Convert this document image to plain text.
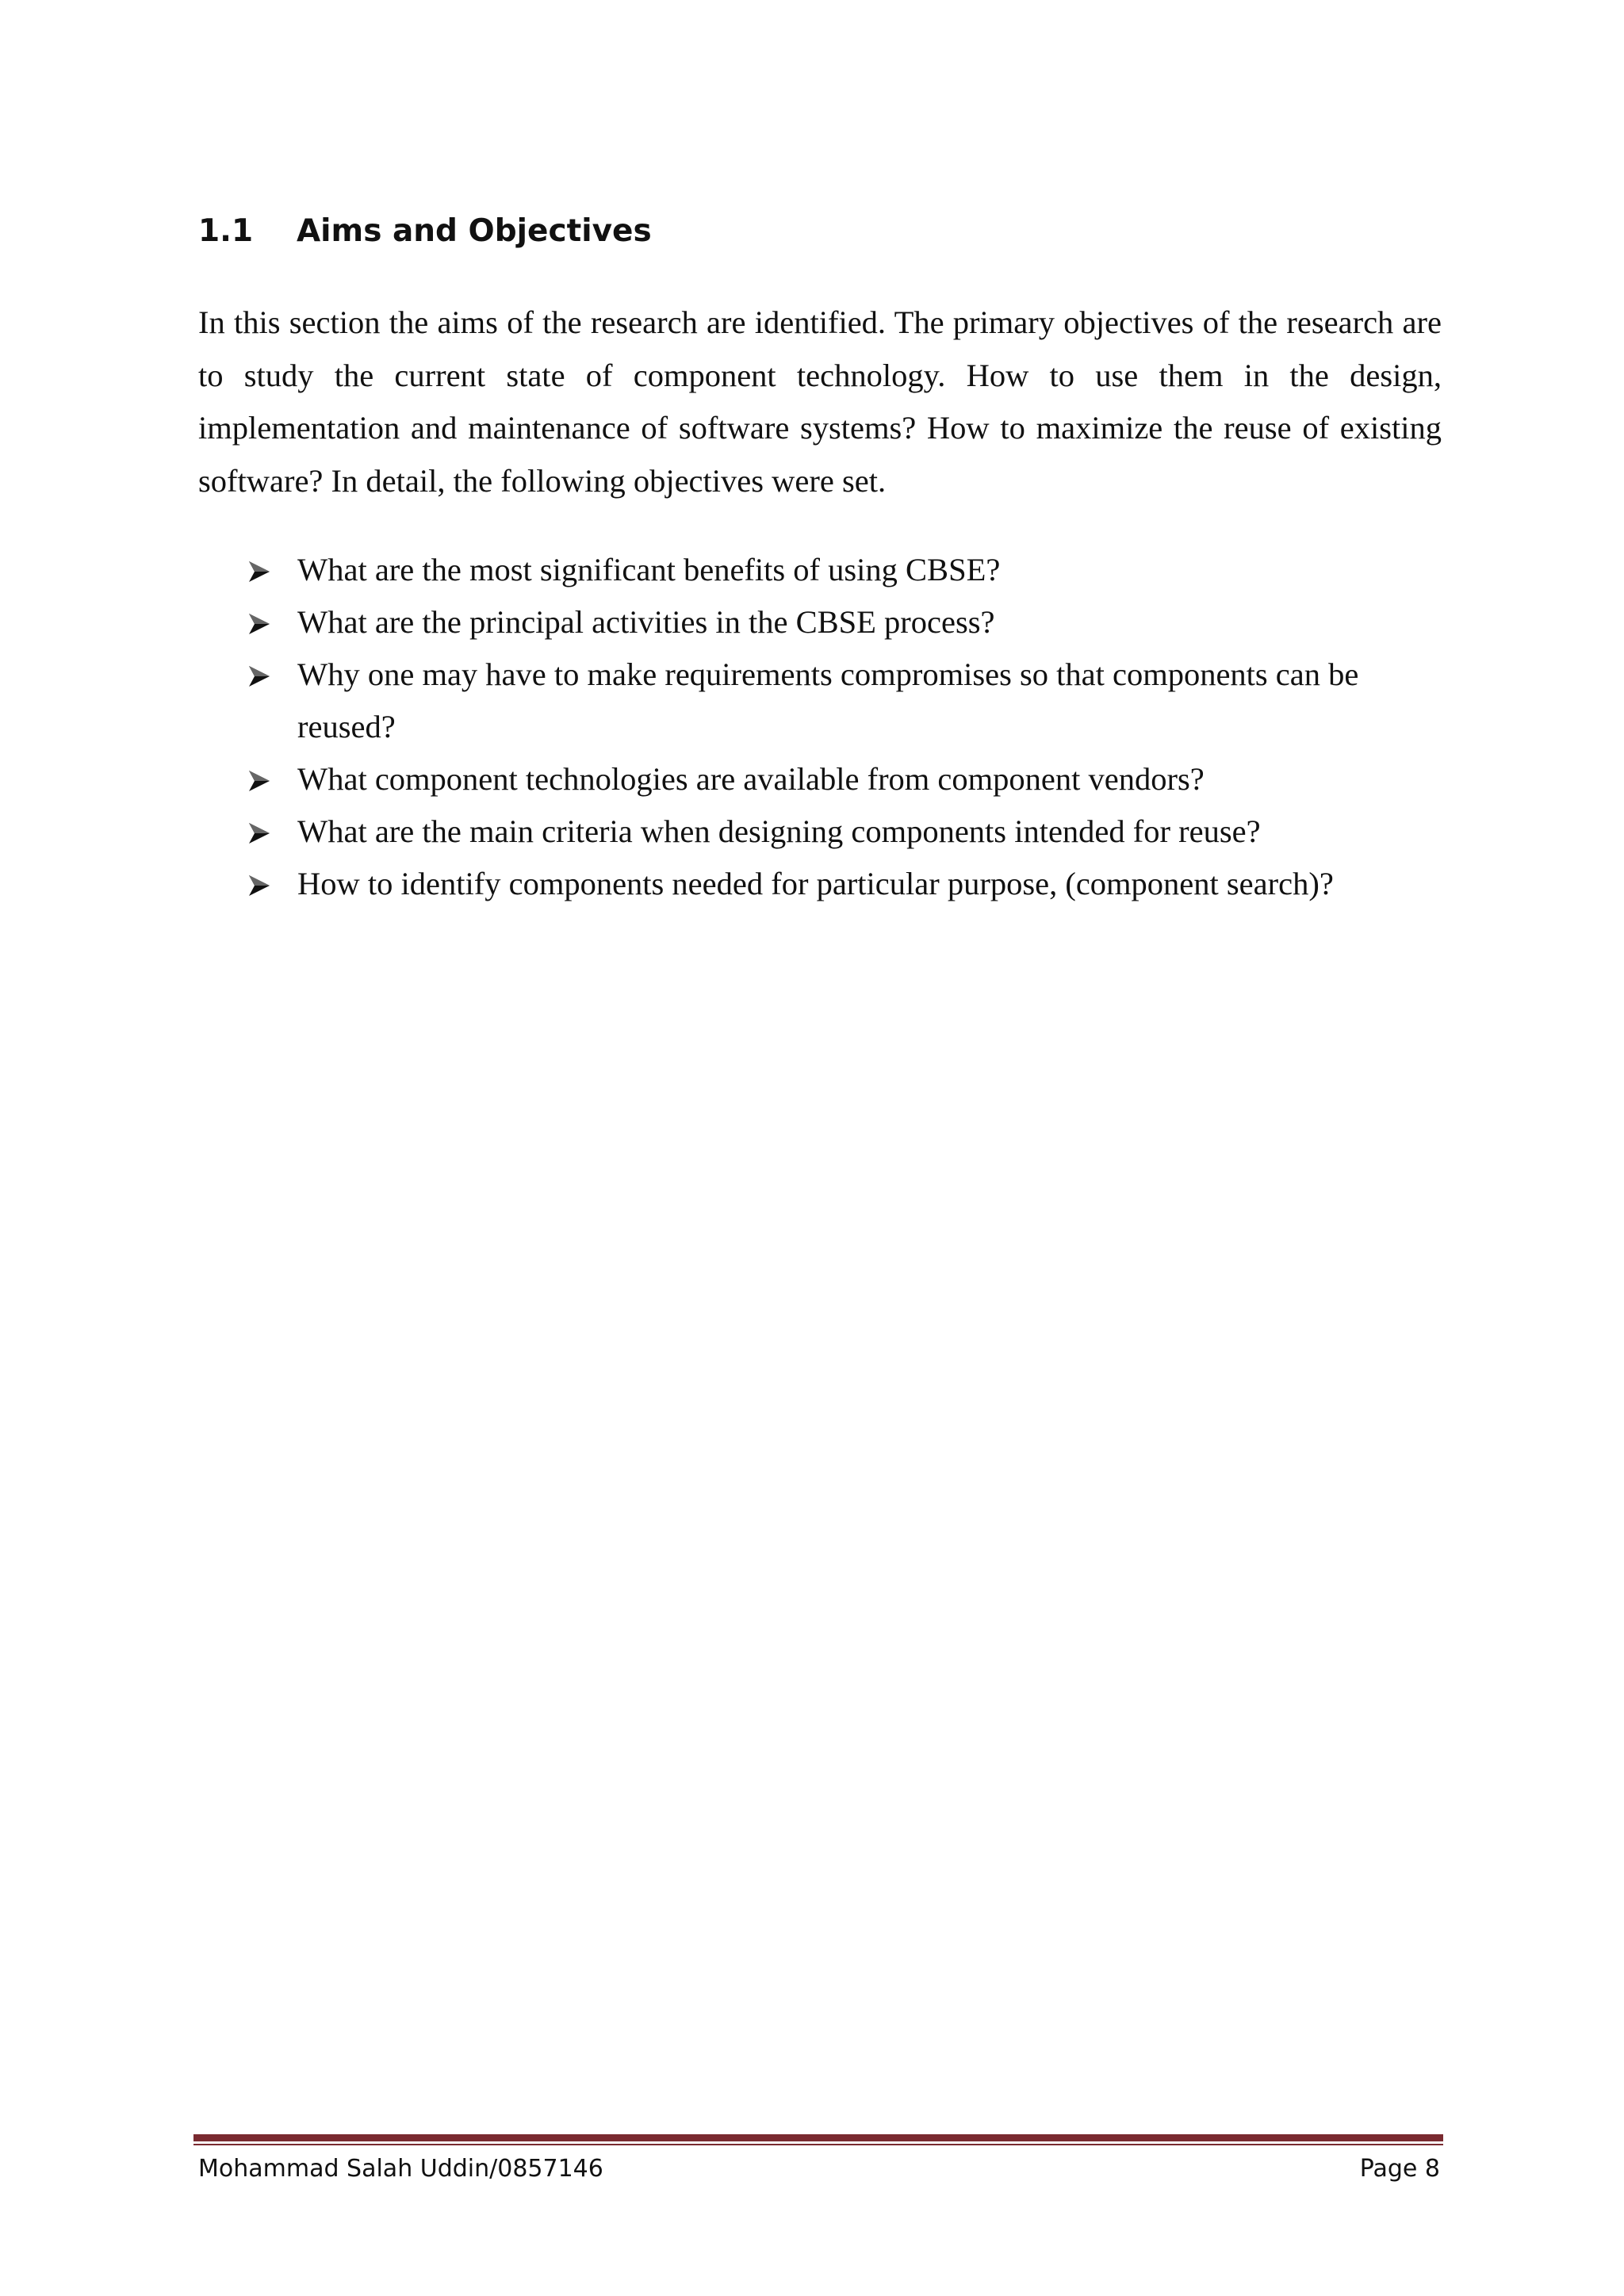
1.1 Aims and Objectives

In this section the aims of the research are identified. The primary objectives of the research are to study the current state of component technology. How to use them in the design, implementation and maintenance of software systems? How to maximize the reuse of existing software? In detail, the following objectives were set.

What are the most significant benefits of using CBSE?
What are the principal activities in the CBSE process?
Why one may have to make requirements compromises so that components can be reused?
What component technologies are available from component vendors?
What are the main criteria when designing components intended for reuse?
How to identify components needed for particular purpose, (component search)?
Mohammad Salah Uddin/0857146	Page 8
